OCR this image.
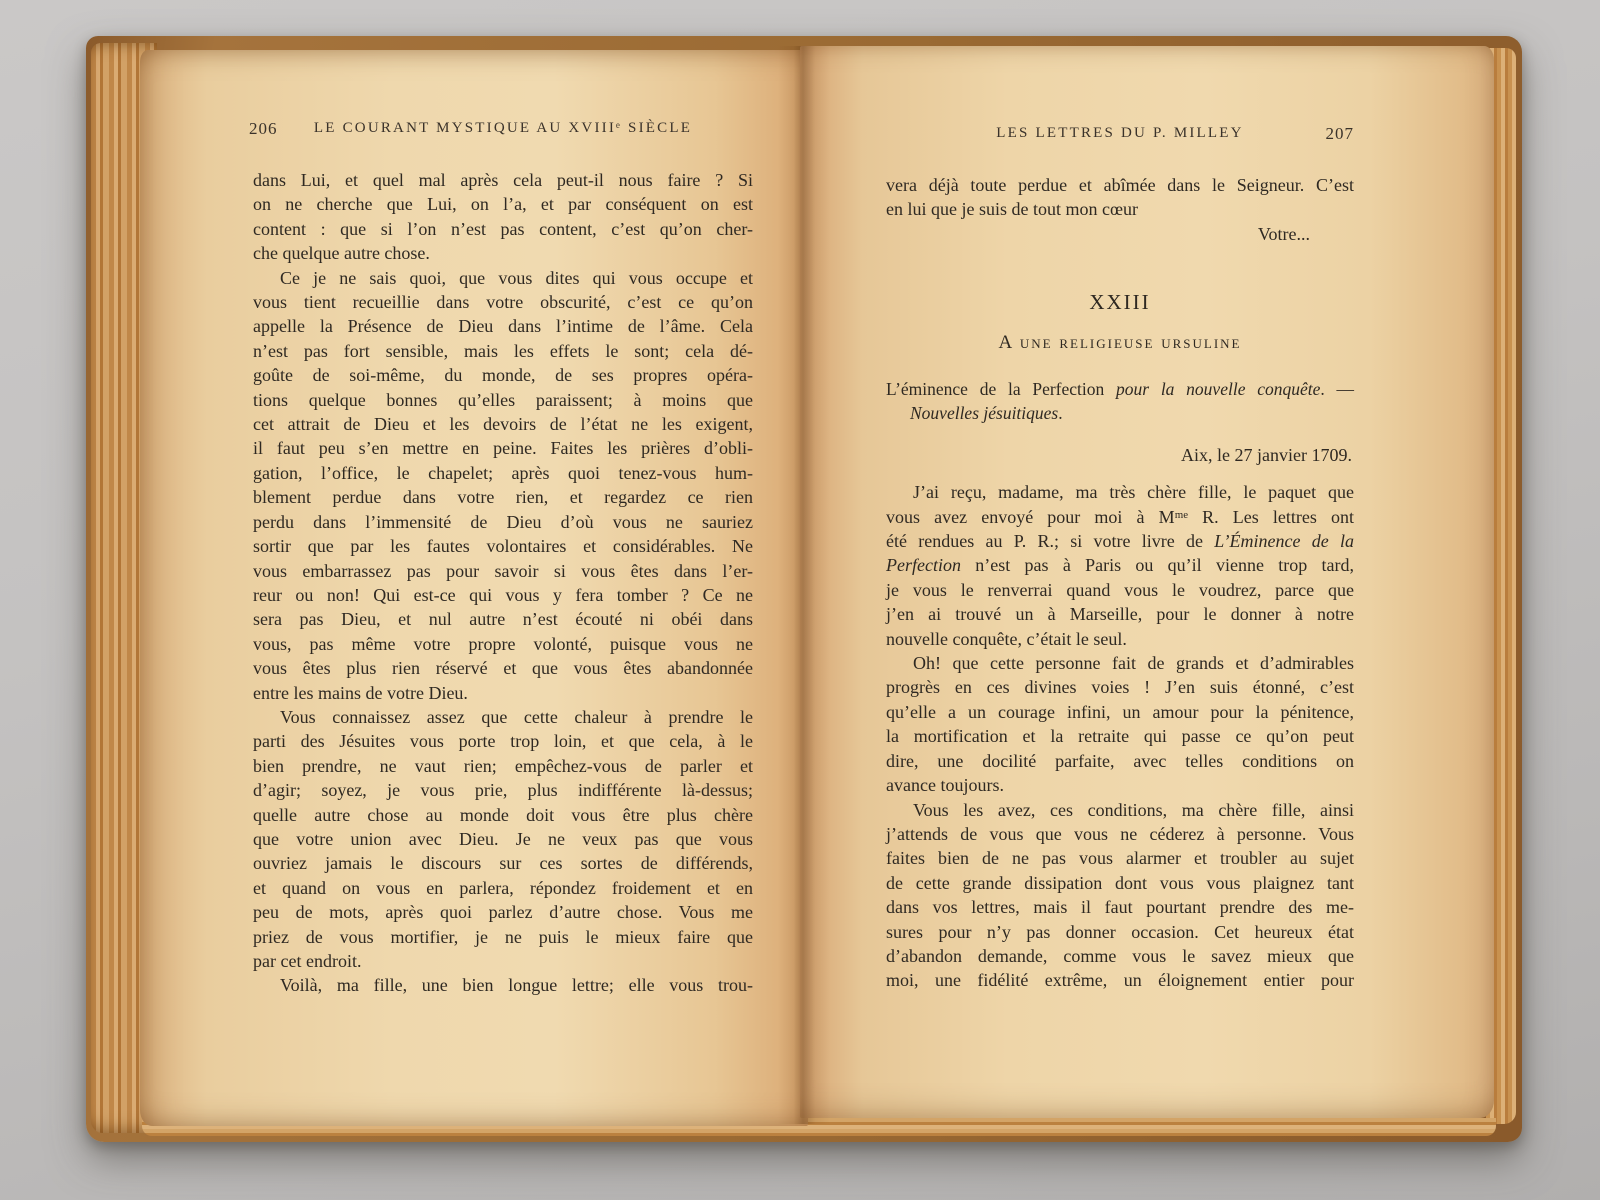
206	LE COURANT MYSTIQUE AU XVIIIᵉ SIÈCLE
dans Lui, et quel mal après cela peut-il nous faire ? Si
on ne cherche que Lui, on l’a, et par conséquent on est
content : que si l’on n’est pas content, c’est qu’on cher-
che quelque autre chose.
Ce je ne sais quoi, que vous dites qui vous occupe et
vous tient recueillie dans votre obscurité, c’est ce qu’on
appelle la Présence de Dieu dans l’intime de l’âme. Cela
n’est pas fort sensible, mais les effets le sont; cela dé-
goûte de soi-même, du monde, de ses propres opéra-
tions quelque bonnes qu’elles paraissent; à moins que
cet attrait de Dieu et les devoirs de l’état ne les exigent,
il faut peu s’en mettre en peine. Faites les prières d’obli-
gation, l’office, le chapelet; après quoi tenez-vous hum-
blement perdue dans votre rien, et regardez ce rien
perdu dans l’immensité de Dieu d’où vous ne sauriez
sortir que par les fautes volontaires et considérables. Ne
vous embarrassez pas pour savoir si vous êtes dans l’er-
reur ou non! Qui est-ce qui vous y fera tomber ? Ce ne
sera pas Dieu, et nul autre n’est écouté ni obéi dans
vous, pas même votre propre volonté, puisque vous ne
vous êtes plus rien réservé et que vous êtes abandonnée
entre les mains de votre Dieu.
Vous connaissez assez que cette chaleur à prendre le
parti des Jésuites vous porte trop loin, et que cela, à le
bien prendre, ne vaut rien; empêchez-vous de parler et
d’agir; soyez, je vous prie, plus indifférente là-dessus;
quelle autre chose au monde doit vous être plus chère
que votre union avec Dieu. Je ne veux pas que vous
ouvriez jamais le discours sur ces sortes de différends,
et quand on vous en parlera, répondez froidement et en
peu de mots, après quoi parlez d’autre chose. Vous me
priez de vous mortifier, je ne puis le mieux faire que
par cet endroit.
Voilà, ma fille, une bien longue lettre; elle vous trou-
LES LETTRES DU P. MILLEY	207
vera déjà toute perdue et abîmée dans le Seigneur. C’est
en lui que je suis de tout mon cœur
Votre...
XXIII
A une religieuse ursuline
L’éminence de la Perfection pour la nouvelle conquête. —
Nouvelles jésuitiques.
Aix, le 27 janvier 1709.
J’ai reçu, madame, ma très chère fille, le paquet que
vous avez envoyé pour moi à Mᵐᵉ R. Les lettres ont
été rendues au P. R.; si votre livre de L’Éminence de la
Perfection n’est pas à Paris ou qu’il vienne trop tard,
je vous le renverrai quand vous le voudrez, parce que
j’en ai trouvé un à Marseille, pour le donner à notre
nouvelle conquête, c’était le seul.
Oh! que cette personne fait de grands et d’admirables
progrès en ces divines voies ! J’en suis étonné, c’est
qu’elle a un courage infini, un amour pour la pénitence,
la mortification et la retraite qui passe ce qu’on peut
dire, une docilité parfaite, avec telles conditions on
avance toujours.
Vous les avez, ces conditions, ma chère fille, ainsi
j’attends de vous que vous ne céderez à personne. Vous
faites bien de ne pas vous alarmer et troubler au sujet
de cette grande dissipation dont vous vous plaignez tant
dans vos lettres, mais il faut pourtant prendre des me-
sures pour n’y pas donner occasion. Cet heureux état
d’abandon demande, comme vous le savez mieux que
moi, une fidélité extrême, un éloignement entier pour
